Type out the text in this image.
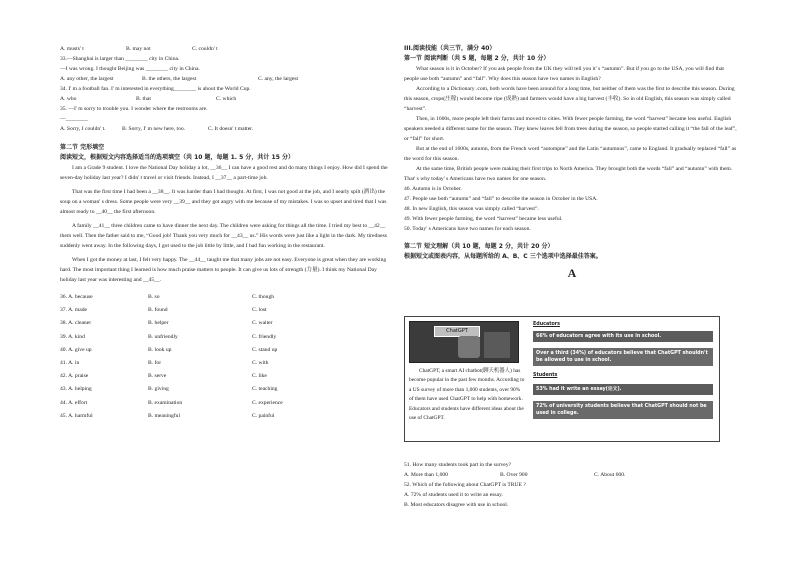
A. musts' t	B. may not	C. couldn' t
33.—Shanghai is larger than ________ city in China.
—I was wrong. I thought Beijing was ________ city in China.
A. any other, the largest	B. the others, the largest	C. any, the largest
34. I' m a football fan. I' m interested in everything________ is about the World Cup.
A. who	B. that	C. which
35. —I' m sorry to trouble you. I wonder where the restrooms are.
—________
A. Sorry, I couldn' t.	B. Sorry, I' m new here, too.	C. It doesn' t matter.
第二节 完形填空
阅读短文，根据短文内容选择适当的选项填空（共 10 题，每题 1. 5 分，共计 15 分）
I am a Grade 9 student. I love the National Day holiday a lot, __36__ I can have a good rest and do many things I enjoy. How did I spend the seven-day holiday last year? I didn' t travel or visit friends. Instead, I __37__ a part-time job.
That was the first time I had been a __38__. It was harder than I had thought. At first, I was not good at the job, and I nearly spilt (洒出) the soup on a woman' s dress. Some people were very __39__ and they got angry with me because of my mistakes. I was so upset and tired that I was almost ready to __40__ the first afternoon.
A family __41__ three children came to have dinner the next day. The children were asking for things all the time. I tried my best to __42__ them well. Then the father said to me, “Good job! Thank you very much for __43__ us.” His words were just like a light in the dark. My tiredness suddenly went away. In the following days, I got used to the job little by little, and I had fun working in the restaurant.
When I got the money at last, I felt very happy. The __44__ taught me that many jobs are not easy. Everyone is great when they are working hard. The most important thing I learned is how much praise matters to people. It can give us lots of strength (力量). I think my National Day holiday last year was interesting and __45__.
36. A. because	B. so	C. though
37. A. made	B. found	C. lost
38. A. cleaner	B. helper	C. waiter
39. A. kind	B. unfriendly	C. friendly
40. A. give up	B. look up	C. stand up
41. A. in	B. for	C. with
42. A. praise	B. serve	C. like
43. A. helping	B. giving	C. teaching
44. A. effort	B. examination	C. experience
45. A. harmful	B. meaningful	C. painful
III.阅读技能（共三节，满分 40）
第一节 阅读判断（共 5 题，每题 2 分，共计 10 分）
What season is it in October? If you ask people from the UK they will tell you it' s “autumn”. But if you go to the USA, you will find that people use both “autumn” and “fall”. Why does this season have two names in English?
According to a Dictionary .com, both words have been around for a long time, but neither of them was the first to describe this season. During this season, crops(庄稼) would become ripe (成熟) and farmers would have a big harvest (丰收). So in old English, this season was simply called “harvest”.
Then, in 1600s, more people left their farms and moved to cities. With fewer people farming, the word “harvest” became less useful. English speakers needed a different name for the season. They knew leaves fell from trees during the season, so people started calling it “the fall of the leaf”, or “fall” for short.
But at the end of 1600s, autumn, from the French word “autompne” and the Latin “autumnus”, came to England. It gradually replaced “fall” as the word for this season.
At the same time, British people were making their first trips to North America. They brought both the words “fall” and “autumn” with them. That' s why today' s Americans have two names for one season.
46. Autumn is in October.
47. People use both “autumn” and “fall” to describe the season in October in the USA.
48. In new English, this season was simply called “harvest”.
49. With fewer people farming, the word “harvest” became less useful.
50. Today' s Americans have two names for each season.
第二节 短文理解（共 10 题，每题 2 分，共计 20 分）
根据短文或图表内容，从每题所给的 A、B、C 三个选项中选择最佳答案。
A
ChatGPT
ChatGPT, a smart AI chatbot(聊天机器人) has become popular in the past few months. According to a US survey of more than 1,000 students, over 90% of them have used ChatGPT to help with homework. Educators and students have different ideas about the use of ChatGPT.
Educators
66% of educators agree with its use in school.
Over a third (34%) of educators believe that ChatGPT shouldn't be allowed to use in school.
Students
53% had it write an essay(论文).
72% of university students believe that ChatGPT should not be used in college.
51. How many students took part in the survey?
A. More than 1,000	B. Over 900	C. About 600.
52. Which of the following about ChatGPT is TRUE ?
A. 72% of students used it to write an essay.
B. Most educators disagree with use in school.
